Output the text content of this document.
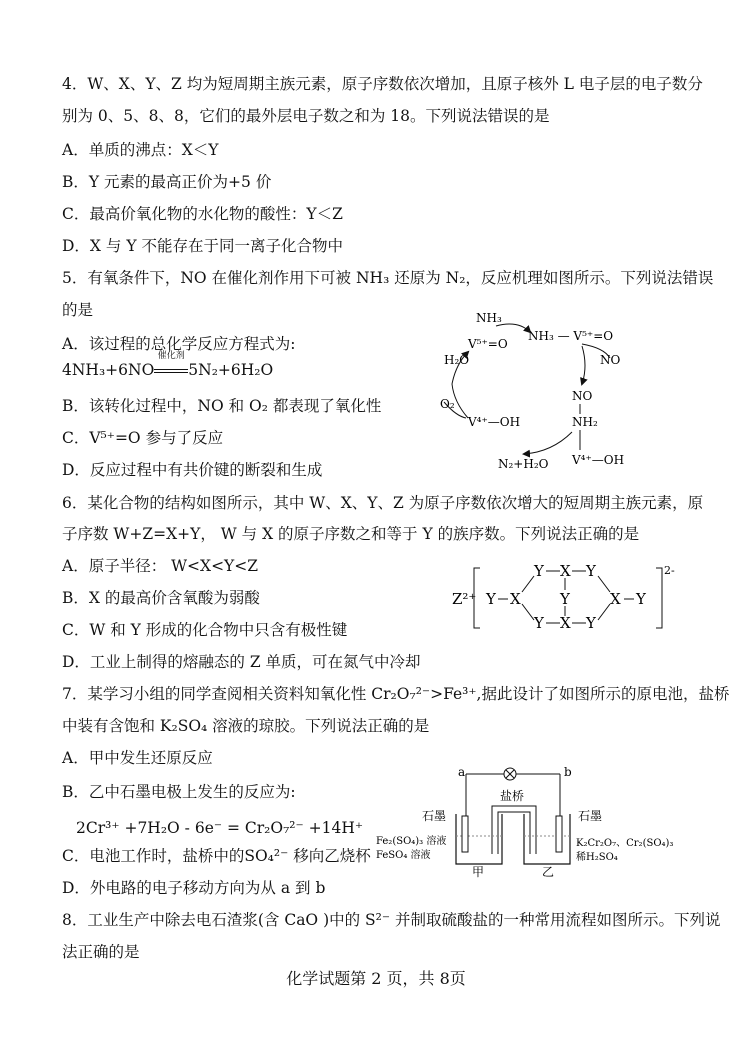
4．W、X、Y、Z 均为短周期主族元素，原子序数依次增加，且原子核外 L 电子层的电子数分
别为 0、5、8、8，它们的最外层电子数之和为 18。下列说法错误的是
A．单质的沸点：X＜Y
B．Y 元素的最高正价为+5 价
C．最高价氧化物的水化物的酸性：Y＜Z
D．X 与 Y 不能存在于同一离子化合物中
5．有氧条件下，NO 在催化剂作用下可被 NH₃ 还原为 N₂，反应机理如图所示。下列说法错误
的是
A．该过程的总化学反应方程式为:
4NH₃+6NO
催化剂
5N₂+6H₂O
B．该转化过程中，NO 和 O₂ 都表现了氧化性
C．V⁵⁺=O 参与了反应
D．反应过程中有共价键的断裂和生成
NH₃
V⁵⁺=O
NH₃ — V⁵⁺=O
NO
H₂O
O₂
NO
NH₂
V⁴⁺—OH
V⁴⁺—OH
N₂+H₂O
6．某化合物的结构如图所示，其中 W、X、Y、Z 为原子序数依次增大的短周期主族元素，原
子序数 W+Z=X+Y， W 与 X 的原子序数之和等于 Y 的族序数。下列说法正确的是
A．原子半径： W<X<Y<Z
B．X 的最高价含氧酸为弱酸
C．W 和 Y 形成的化合物中只含有极性键
D．工业上制得的熔融态的 Z 单质，可在氮气中冷却
Z²⁺
2-
Y X
Y X Y
Y
Y X Y
X Y
7．某学习小组的同学查阅相关资料知氧化性 Cr₂O₇²⁻>Fe³⁺,据此设计了如图所示的原电池，盐桥
中装有含饱和 K₂SO₄ 溶液的琼胶。下列说法正确的是
A．甲中发生还原反应
B．乙中石墨电极上发生的反应为:
2Cr³⁺ +7H₂O - 6e⁻ = Cr₂O₇²⁻ +14H⁺
C．电池工作时，盐桥中的SO₄²⁻ 移向乙烧杯
D．外电路的电子移动方向为从 a 到 b
a	b
盐桥
石墨	石墨
Fe₂(SO₄)₃ 溶液
FeSO₄ 溶液
K₂Cr₂O₇、Cr₂(SO₄)₃
稀H₂SO₄
甲	乙
8．工业生产中除去电石渣浆(含 CaO )中的 S²⁻ 并制取硫酸盐的一种常用流程如图所示。下列说
法正确的是
化学试题第 2 页，共 8页
